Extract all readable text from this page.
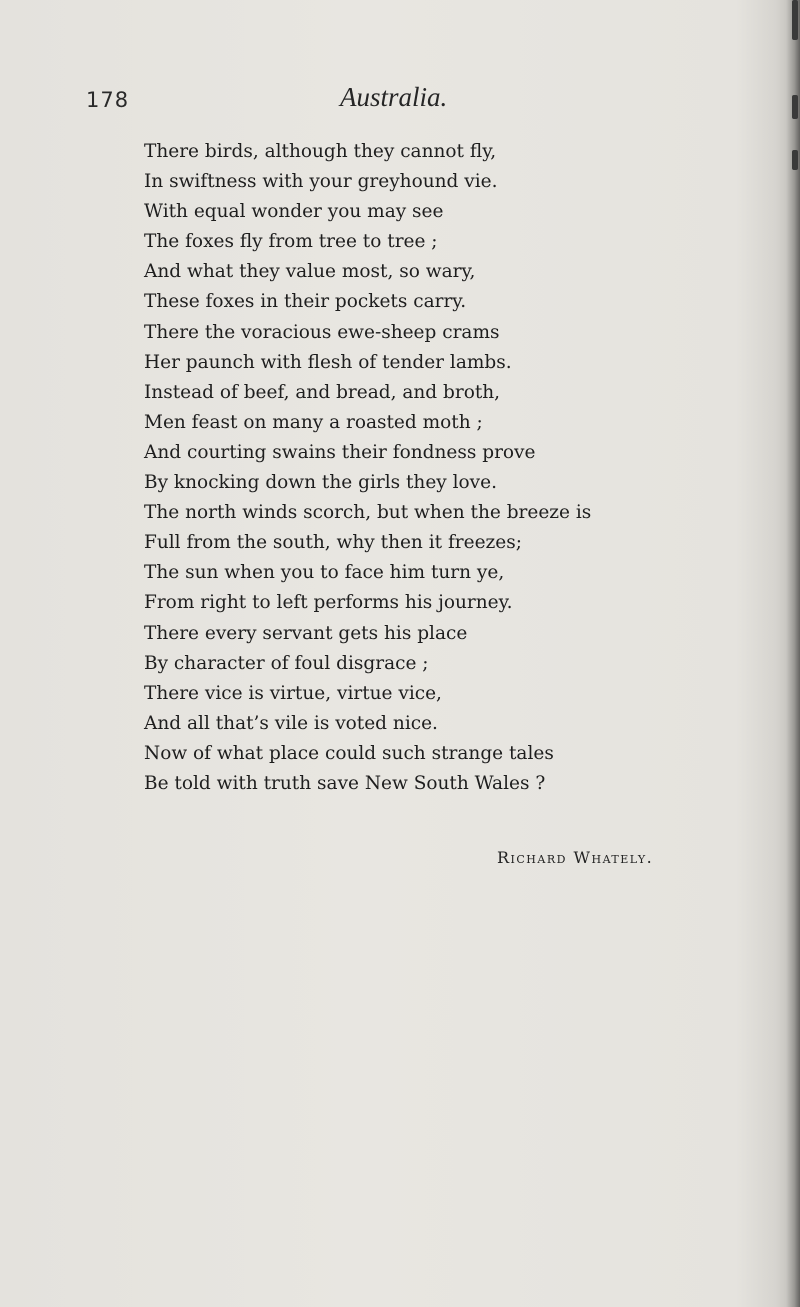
178	Australia.
There birds, although they cannot fly,
In swiftness with your greyhound vie.
With equal wonder you may see
The foxes fly from tree to tree ;
And what they value most, so wary,
These foxes in their pockets carry.
There the voracious ewe-sheep crams
Her paunch with flesh of tender lambs.
Instead of beef, and bread, and broth,
Men feast on many a roasted moth ;
And courting swains their fondness prove
By knocking down the girls they love.
The north winds scorch, but when the breeze is
Full from the south, why then it freezes;
The sun when you to face him turn ye,
From right to left performs his journey.
There every servant gets his place
By character of foul disgrace ;
There vice is virtue, virtue vice,
And all that’s vile is voted nice.
Now of what place could such strange tales
Be told with truth save New South Wales ?
Richard Whately.
